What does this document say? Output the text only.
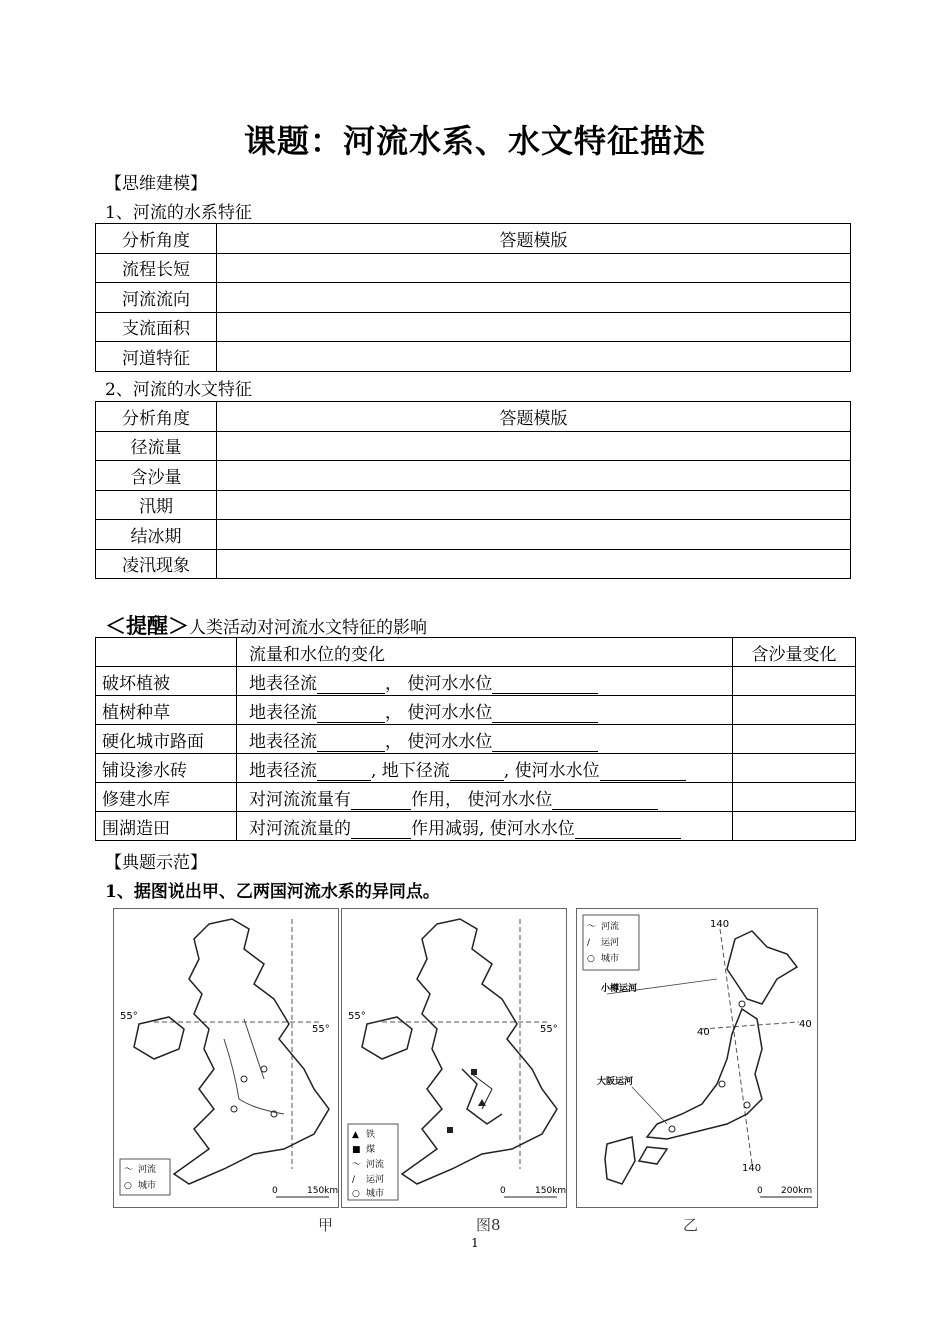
课题：河流水系、水文特征描述
【思维建模】
1、河流的水系特征
分析角度	答题模版
流程长短	
河流流向	
支流面积	
河道特征	
2、河流的水文特征
分析角度	答题模版
径流量	
含沙量	
汛期	
结冰期	
凌汛现象	
＜提醒＞人类活动对河流水文特征的影响
	流量和水位的变化	含沙量变化
破坏植被	地表径流 ， 使河水水位	
植树种草	地表径流 ， 使河水水位	
硬化城市路面	地表径流 ， 使河水水位	
铺设渗水砖	地表径流 , 地下径流 , 使河水水位	
修建水库	对河流流量有 作用， 使河水水位	
围湖造田	对河流流量的 作用减弱, 使河水水位	
【典题示范】
1、据图说出甲、乙两国河流水系的异同点。
55°
55°
～ 河流
○ 城市	0	150km
55°
55°
▲ 铁
■ 煤
～ 河流
∕ 运河
○ 城市	0	150km
～ 河流
∕ 运河
○ 城市
140
140
40
40
小樽运河
大阪运河
0 200km
甲	图8	乙
1
